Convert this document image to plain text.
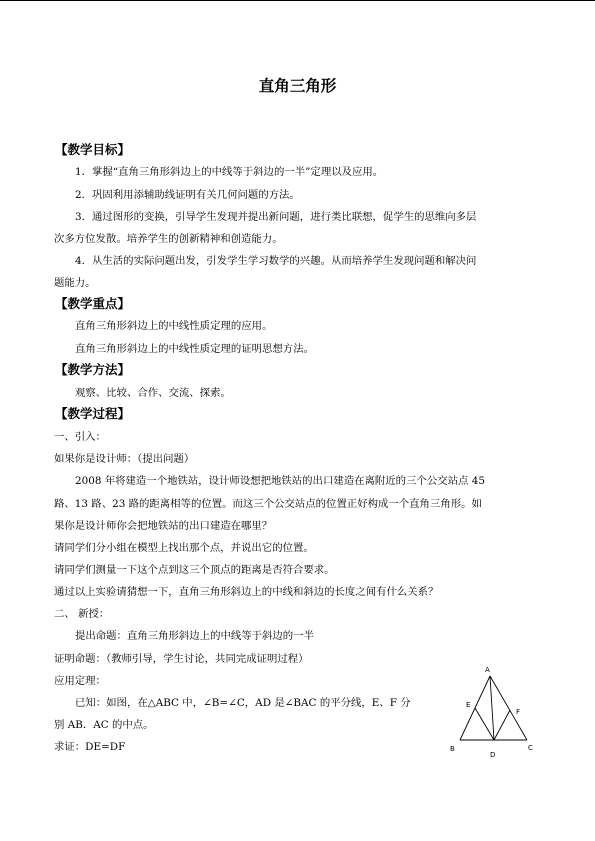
直角三角形
【教学目标】
1．掌握“直角三角形斜边上的中线等于斜边的一半”定理以及应用。
2．巩固利用添辅助线证明有关几何问题的方法。
3．通过图形的变换，引导学生发现并提出新问题，进行类比联想，促学生的思维向多层
次多方位发散。培养学生的创新精神和创造能力。
4．从生活的实际问题出发，引发学生学习数学的兴趣。从而培养学生发现问题和解决问
题能力。
【教学重点】
直角三角形斜边上的中线性质定理的应用。
直角三角形斜边上的中线性质定理的证明思想方法。
【教学方法】
观察、比较、合作、交流、探索。
【教学过程】
一、引入：
如果你是设计师：（提出问题）
2008 年将建造一个地铁站，设计师设想把地铁站的出口建造在离附近的三个公交站点 45
路、13 路、23 路的距离相等的位置。而这三个公交站点的位置正好构成一个直角三角形。如
果你是设计师你会把地铁站的出口建造在哪里？
请同学们分小组在模型上找出那个点，并说出它的位置。
请同学们测量一下这个点到这三个顶点的距离是否符合要求。
通过以上实验请猜想一下，直角三角形斜边上的中线和斜边的长度之间有什么关系？
二、 新授：
提出命题：直角三角形斜边上的中线等于斜边的一半
证明命题：（教师引导，学生讨论，共同完成证明过程）
应用定理：
已知：如图，在△ABC 中，∠B=∠C，AD 是∠BAC 的平分线，E、F 分
别 AB．AC 的中点。
求证：DE=DF
A
B	C
D
E
F
